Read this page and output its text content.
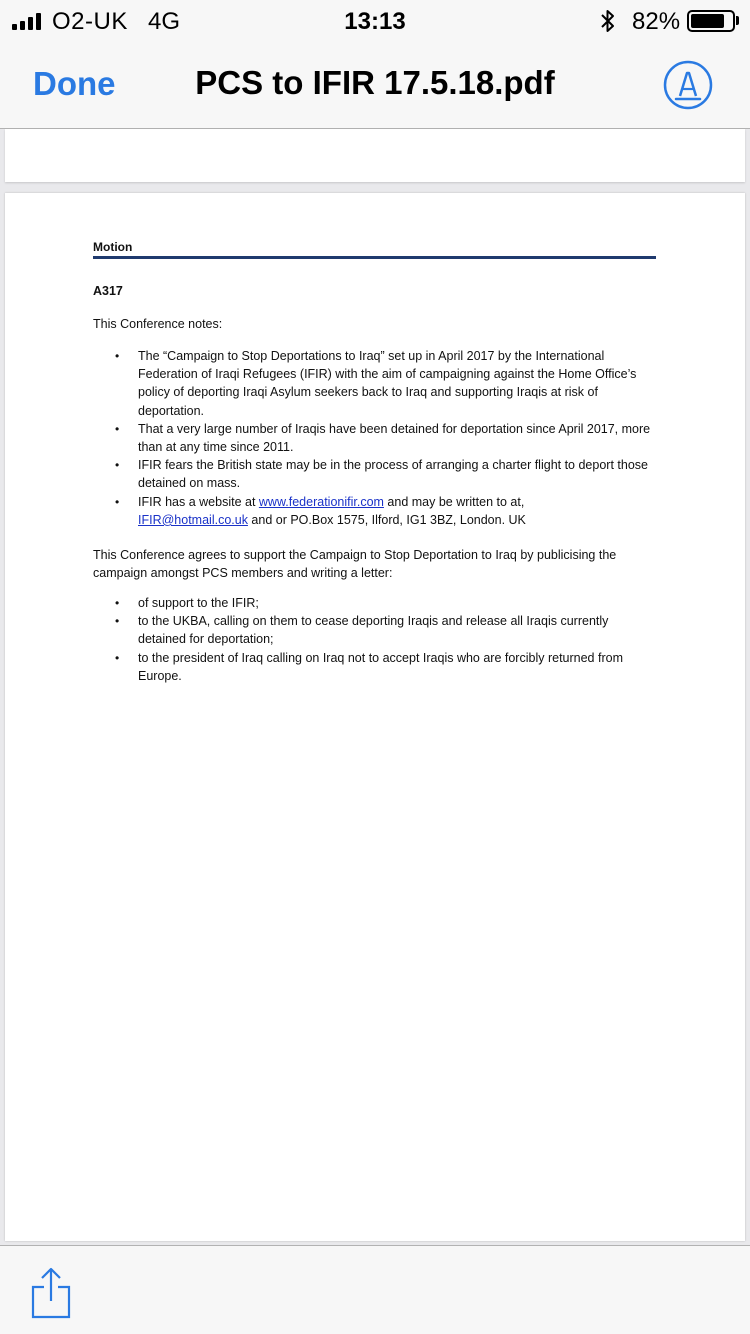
O2-UK 4G	13:13	82%
Done	PCS to IFIR 17.5.18.pdf
Motion
A317
This Conference notes:
• The “Campaign to Stop Deportations to Iraq” set up in April 2017 by the International Federation of Iraqi Refugees (IFIR) with the aim of campaigning against the Home Office’s policy of deporting Iraqi Asylum seekers back to Iraq and supporting Iraqis at risk of deportation.
• That a very large number of Iraqis have been detained for deportation since April 2017, more than at any time since 2011.
• IFIR fears the British state may be in the process of arranging a charter flight to deport those detained on mass.
• IFIR has a website at www.federationifir.com and may be written to at,
IFIR@hotmail.co.uk and or PO.Box 1575, Ilford, IG1 3BZ, London. UK
This Conference agrees to support the Campaign to Stop Deportation to Iraq by publicising the campaign amongst PCS members and writing a letter:
• of support to the IFIR;
• to the UKBA, calling on them to cease deporting Iraqis and release all Iraqis currently detained for deportation;
• to the president of Iraq calling on Iraq not to accept Iraqis who are forcibly returned from Europe.
